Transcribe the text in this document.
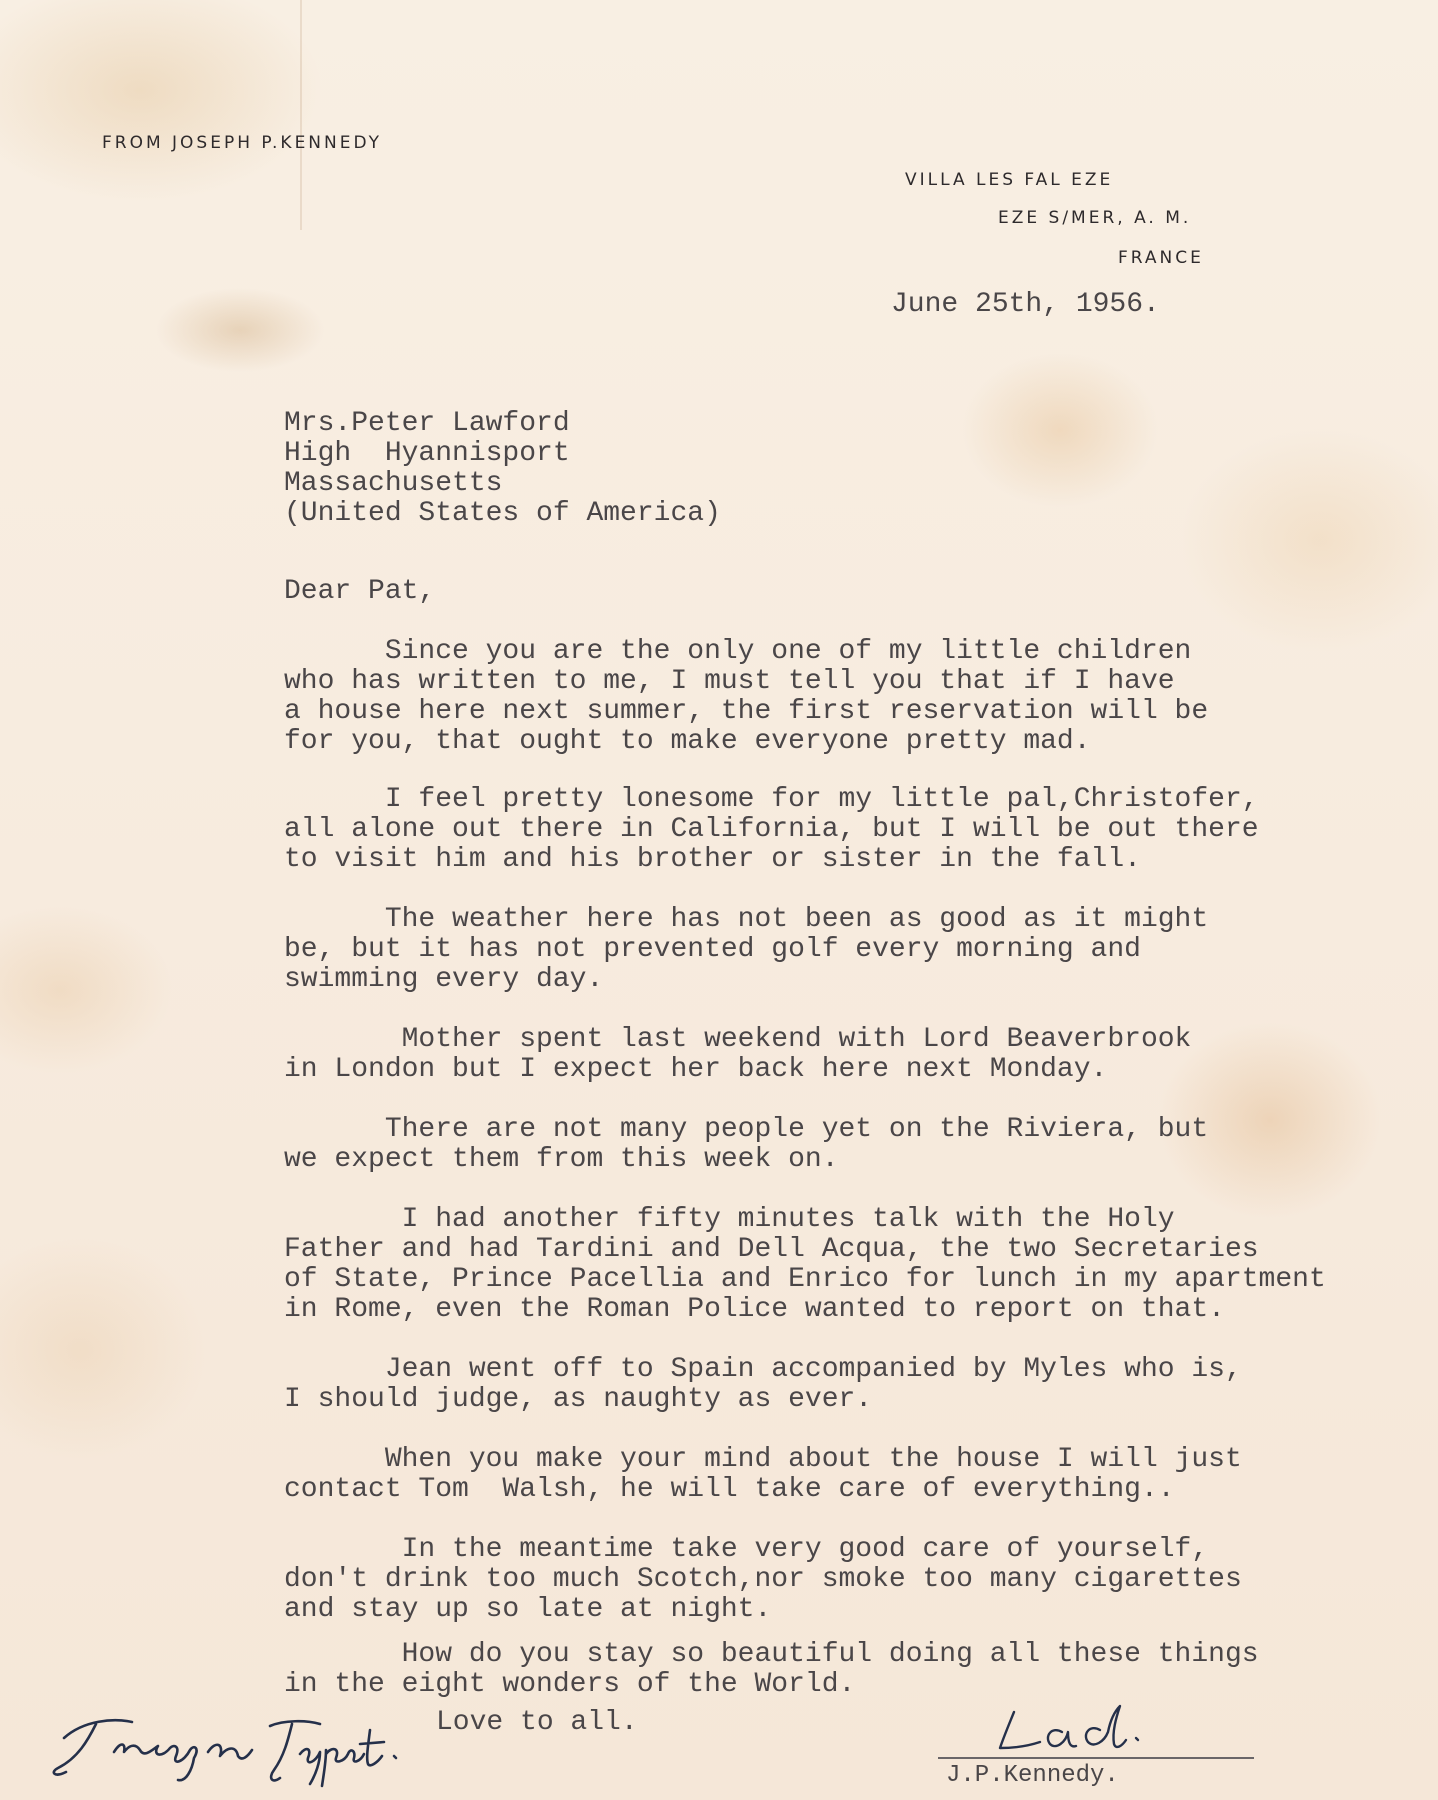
FROM JOSEPH P.KENNEDY
VILLA LES FAL EZE
EZE S/MER, A. M.
FRANCE
June 25th, 1956.
Mrs.Peter Lawford
High  Hyannisport
Massachusetts
(United States of America)
Dear Pat,
Since you are the only one of my little children
who has written to me, I must tell you that if I have
a house here next summer, the first reservation will be
for you, that ought to make everyone pretty mad.
I feel pretty lonesome for my little pal,Christofer,
all alone out there in California, but I will be out there
to visit him and his brother or sister in the fall.
The weather here has not been as good as it might
be, but it has not prevented golf every morning and
swimming every day.
Mother spent last weekend with Lord Beaverbrook
in London but I expect her back here next Monday.
There are not many people yet on the Riviera, but
we expect them from this week on.
I had another fifty minutes talk with the Holy
Father and had Tardini and Dell Acqua, the two Secretaries
of State, Prince Pacellia and Enrico for lunch in my apartment
in Rome, even the Roman Police wanted to report on that.
Jean went off to Spain accompanied by Myles who is,
I should judge, as naughty as ever.
When you make your mind about the house I will just
contact Tom  Walsh, he will take care of everything..
In the meantime take very good care of yourself,
don't drink too much Scotch,nor smoke too many cigarettes
and stay up so late at night.
How do you stay so beautiful doing all these things
in the eight wonders of the World.
Love to all.
J.P.Kennedy.
